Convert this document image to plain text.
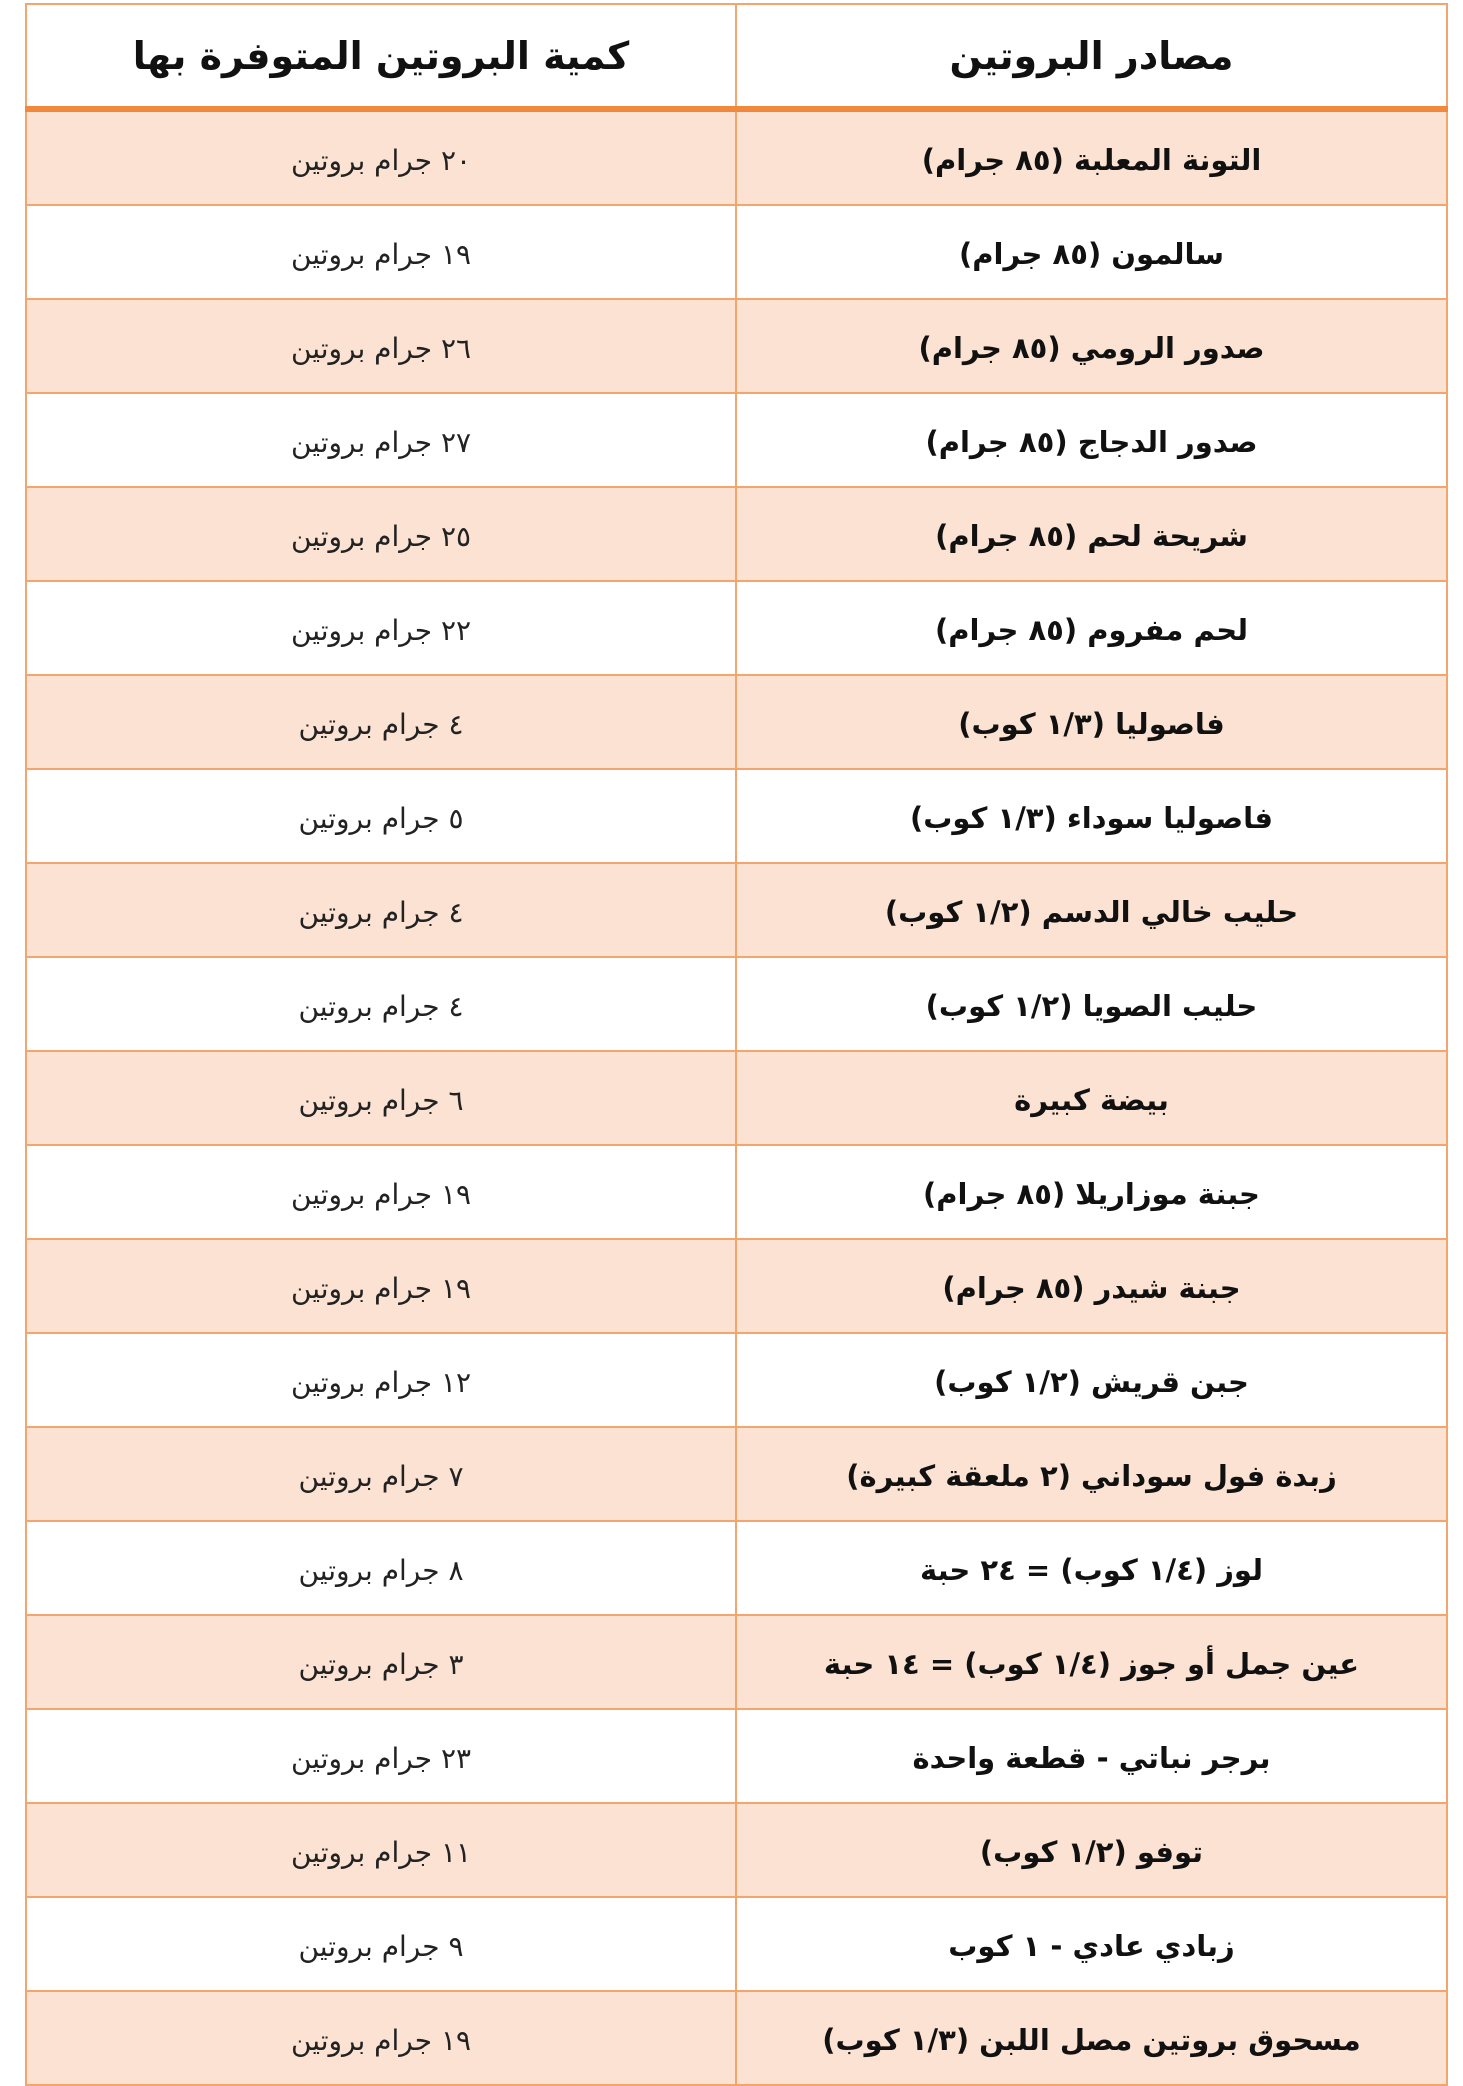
مصادر البروتين	كمية البروتين المتوفرة بها
التونة المعلبة (٨٥ جرام)	٢٠ جرام بروتين
سالمون (٨٥ جرام)	١٩ جرام بروتين
صدور الرومي (٨٥ جرام)	٢٦ جرام بروتين
صدور الدجاج (٨٥ جرام)	٢٧ جرام بروتين
شريحة لحم (٨٥ جرام)	٢٥ جرام بروتين
لحم مفروم (٨٥ جرام)	٢٢ جرام بروتين
فاصوليا (١/٣ كوب)	٤ جرام بروتين
فاصوليا سوداء (١/٣ كوب)	٥ جرام بروتين
حليب خالي الدسم (١/٢ كوب)	٤ جرام بروتين
حليب الصويا (١/٢ كوب)	٤ جرام بروتين
بيضة كبيرة	٦ جرام بروتين
جبنة موزاريلا (٨٥ جرام)	١٩ جرام بروتين
جبنة شيدر (٨٥ جرام)	١٩ جرام بروتين
جبن قريش (١/٢ كوب)	١٢ جرام بروتين
زبدة فول سوداني (٢ ملعقة كبيرة)	٧ جرام بروتين
لوز (١/٤ كوب) = ٢٤ حبة	٨ جرام بروتين
عين جمل أو جوز (١/٤ كوب) = ١٤ حبة	٣ جرام بروتين
برجر نباتي - قطعة واحدة	٢٣ جرام بروتين
توفو (١/٢ كوب)	١١ جرام بروتين
زبادي عادي - ١ كوب	٩ جرام بروتين
مسحوق بروتين مصل اللبن (١/٣ كوب)	١٩ جرام بروتين
